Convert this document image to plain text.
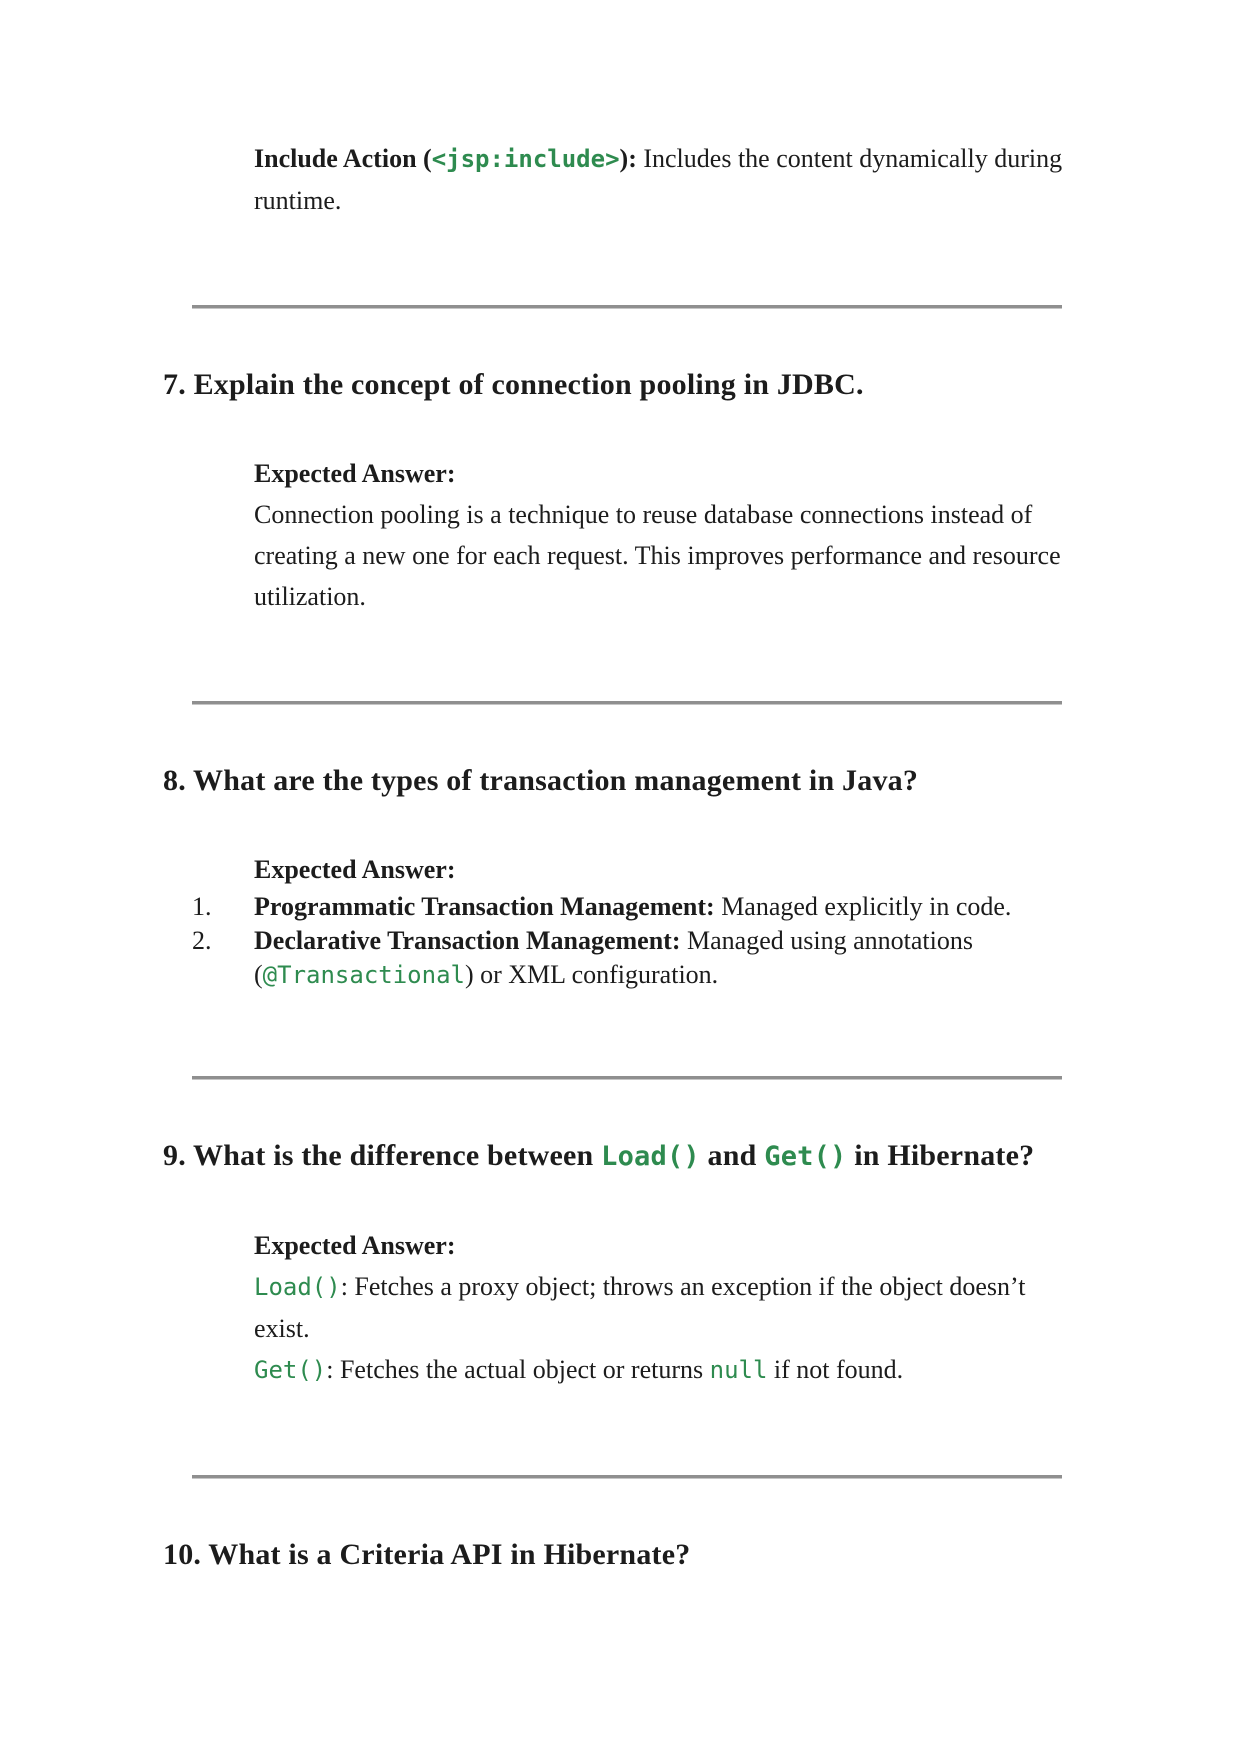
Include Action (<jsp:include>): Includes the content dynamically during runtime.
7. Explain the concept of connection pooling in JDBC.
Expected Answer:
Connection pooling is a technique to reuse database connections instead of creating a new one for each request. This improves performance and resource utilization.
8. What are the types of transaction management in Java?
Expected Answer:
1.	Programmatic Transaction Management: Managed explicitly in code.
2.	Declarative Transaction Management: Managed using annotations (@Transactional) or XML configuration.
9. What is the difference between Load() and Get() in Hibernate?
Expected Answer:
Load(): Fetches a proxy object; throws an exception if the object doesn’t exist.
Get(): Fetches the actual object or returns null if not found.
10. What is a Criteria API in Hibernate?
